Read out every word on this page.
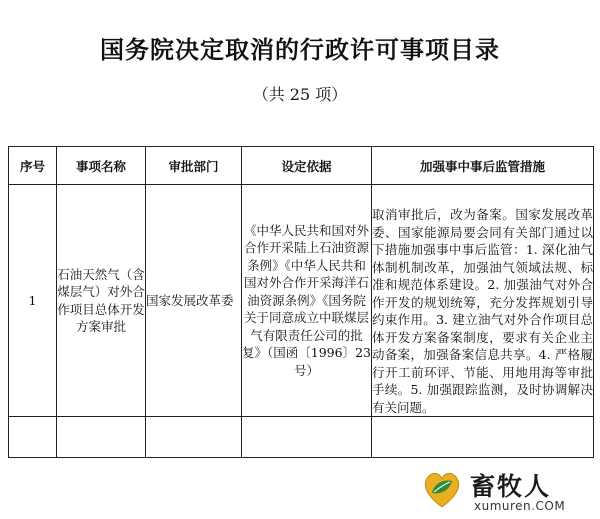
国务院决定取消的行政许可事项目录
（共 25 项）
序号	事项名称	审批部门	设定依据	加强事中事后监管措施
1	石油天然气（含煤层气）对外合作项目总体开发方案审批	国家发展改革委	《中华人民共和国对外合作开采陆上石油资源条例》《中华人民共和国对外合作开采海洋石油资源条例》《国务院关于同意成立中联煤层气有限责任公司的批复》（国函〔1996〕23号）	取消审批后，改为备案。国家发展改革委、国家能源局要会同有关部门通过以下措施加强事中事后监管：1. 深化油气体制机制改革，加强油气领域法规、标准和规范体系建设。2. 加强油气对外合作开发的规划统筹，充分发挥规划引导约束作用。3. 建立油气对外合作项目总体开发方案备案制度，要求有关企业主动备案，加强备案信息共享。4. 严格履行开工前环评、节能、用地用海等审批手续。5. 加强跟踪监测，及时协调解决有关问题。

畜牧人
xumuren.COM
